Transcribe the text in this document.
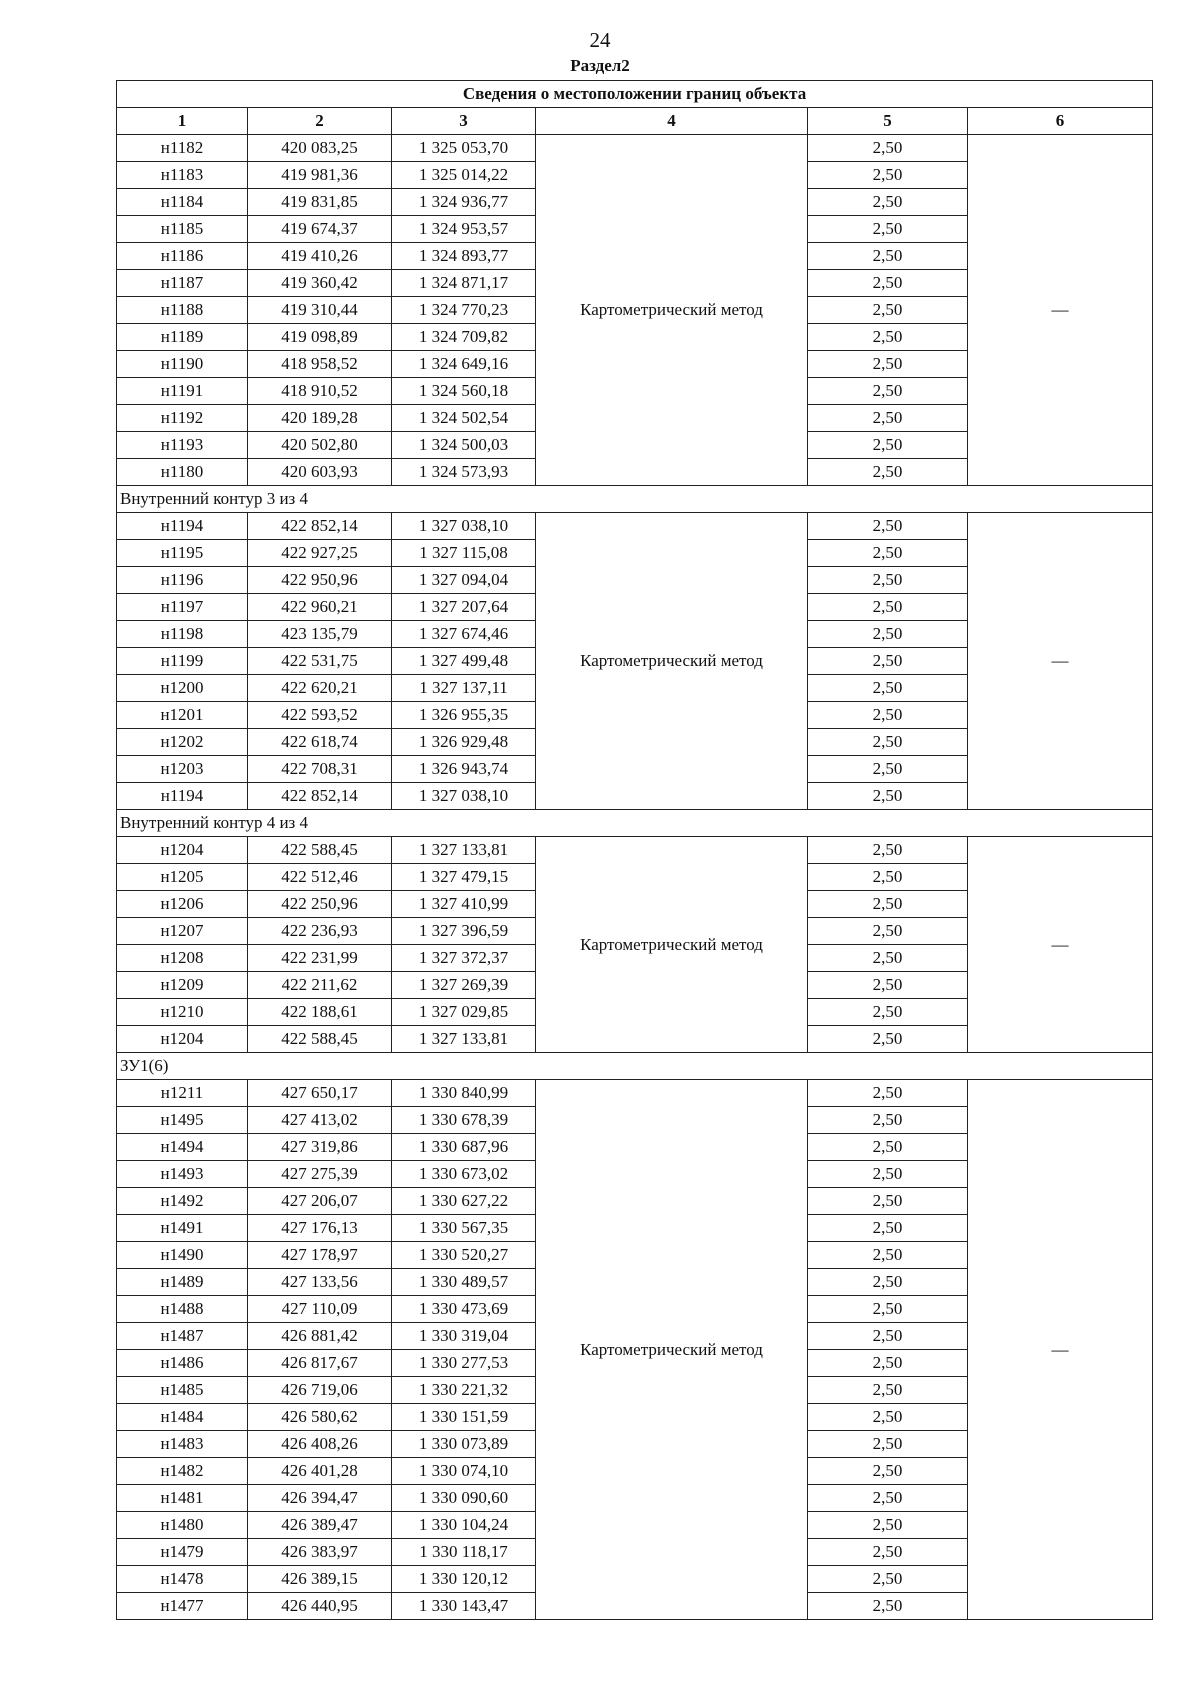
24
Раздел2
Сведения о местоположении границ объекта					
1	2	3	4	5	6
н1182	420 083,25	1 325 053,70	Картометрический метод	2,50	—
н1183	419 981,36	1 325 014,22		2,50	
н1184	419 831,85	1 324 936,77		2,50	
н1185	419 674,37	1 324 953,57		2,50	
н1186	419 410,26	1 324 893,77		2,50	
н1187	419 360,42	1 324 871,17		2,50	
н1188	419 310,44	1 324 770,23		2,50	
н1189	419 098,89	1 324 709,82		2,50	
н1190	418 958,52	1 324 649,16		2,50	
н1191	418 910,52	1 324 560,18		2,50	
н1192	420 189,28	1 324 502,54		2,50	
н1193	420 502,80	1 324 500,03		2,50	
н1180	420 603,93	1 324 573,93		2,50	
Внутренний контур 3 из 4					
н1194	422 852,14	1 327 038,10	Картометрический метод	2,50	—
н1195	422 927,25	1 327 115,08		2,50	
н1196	422 950,96	1 327 094,04		2,50	
н1197	422 960,21	1 327 207,64		2,50	
н1198	423 135,79	1 327 674,46		2,50	
н1199	422 531,75	1 327 499,48		2,50	
н1200	422 620,21	1 327 137,11		2,50	
н1201	422 593,52	1 326 955,35		2,50	
н1202	422 618,74	1 326 929,48		2,50	
н1203	422 708,31	1 326 943,74		2,50	
н1194	422 852,14	1 327 038,10		2,50	
Внутренний контур 4 из 4					
н1204	422 588,45	1 327 133,81	Картометрический метод	2,50	—
н1205	422 512,46	1 327 479,15		2,50	
н1206	422 250,96	1 327 410,99		2,50	
н1207	422 236,93	1 327 396,59		2,50	
н1208	422 231,99	1 327 372,37		2,50	
н1209	422 211,62	1 327 269,39		2,50	
н1210	422 188,61	1 327 029,85		2,50	
н1204	422 588,45	1 327 133,81		2,50	
ЗУ1(6)					
н1211	427 650,17	1 330 840,99	Картометрический метод	2,50	—
н1495	427 413,02	1 330 678,39		2,50	
н1494	427 319,86	1 330 687,96		2,50	
н1493	427 275,39	1 330 673,02		2,50	
н1492	427 206,07	1 330 627,22		2,50	
н1491	427 176,13	1 330 567,35		2,50	
н1490	427 178,97	1 330 520,27		2,50	
н1489	427 133,56	1 330 489,57		2,50	
н1488	427 110,09	1 330 473,69		2,50	
н1487	426 881,42	1 330 319,04		2,50	
н1486	426 817,67	1 330 277,53		2,50	
н1485	426 719,06	1 330 221,32		2,50	
н1484	426 580,62	1 330 151,59		2,50	
н1483	426 408,26	1 330 073,89		2,50	
н1482	426 401,28	1 330 074,10		2,50	
н1481	426 394,47	1 330 090,60		2,50	
н1480	426 389,47	1 330 104,24		2,50	
н1479	426 383,97	1 330 118,17		2,50	
н1478	426 389,15	1 330 120,12		2,50	
н1477	426 440,95	1 330 143,47		2,50	
